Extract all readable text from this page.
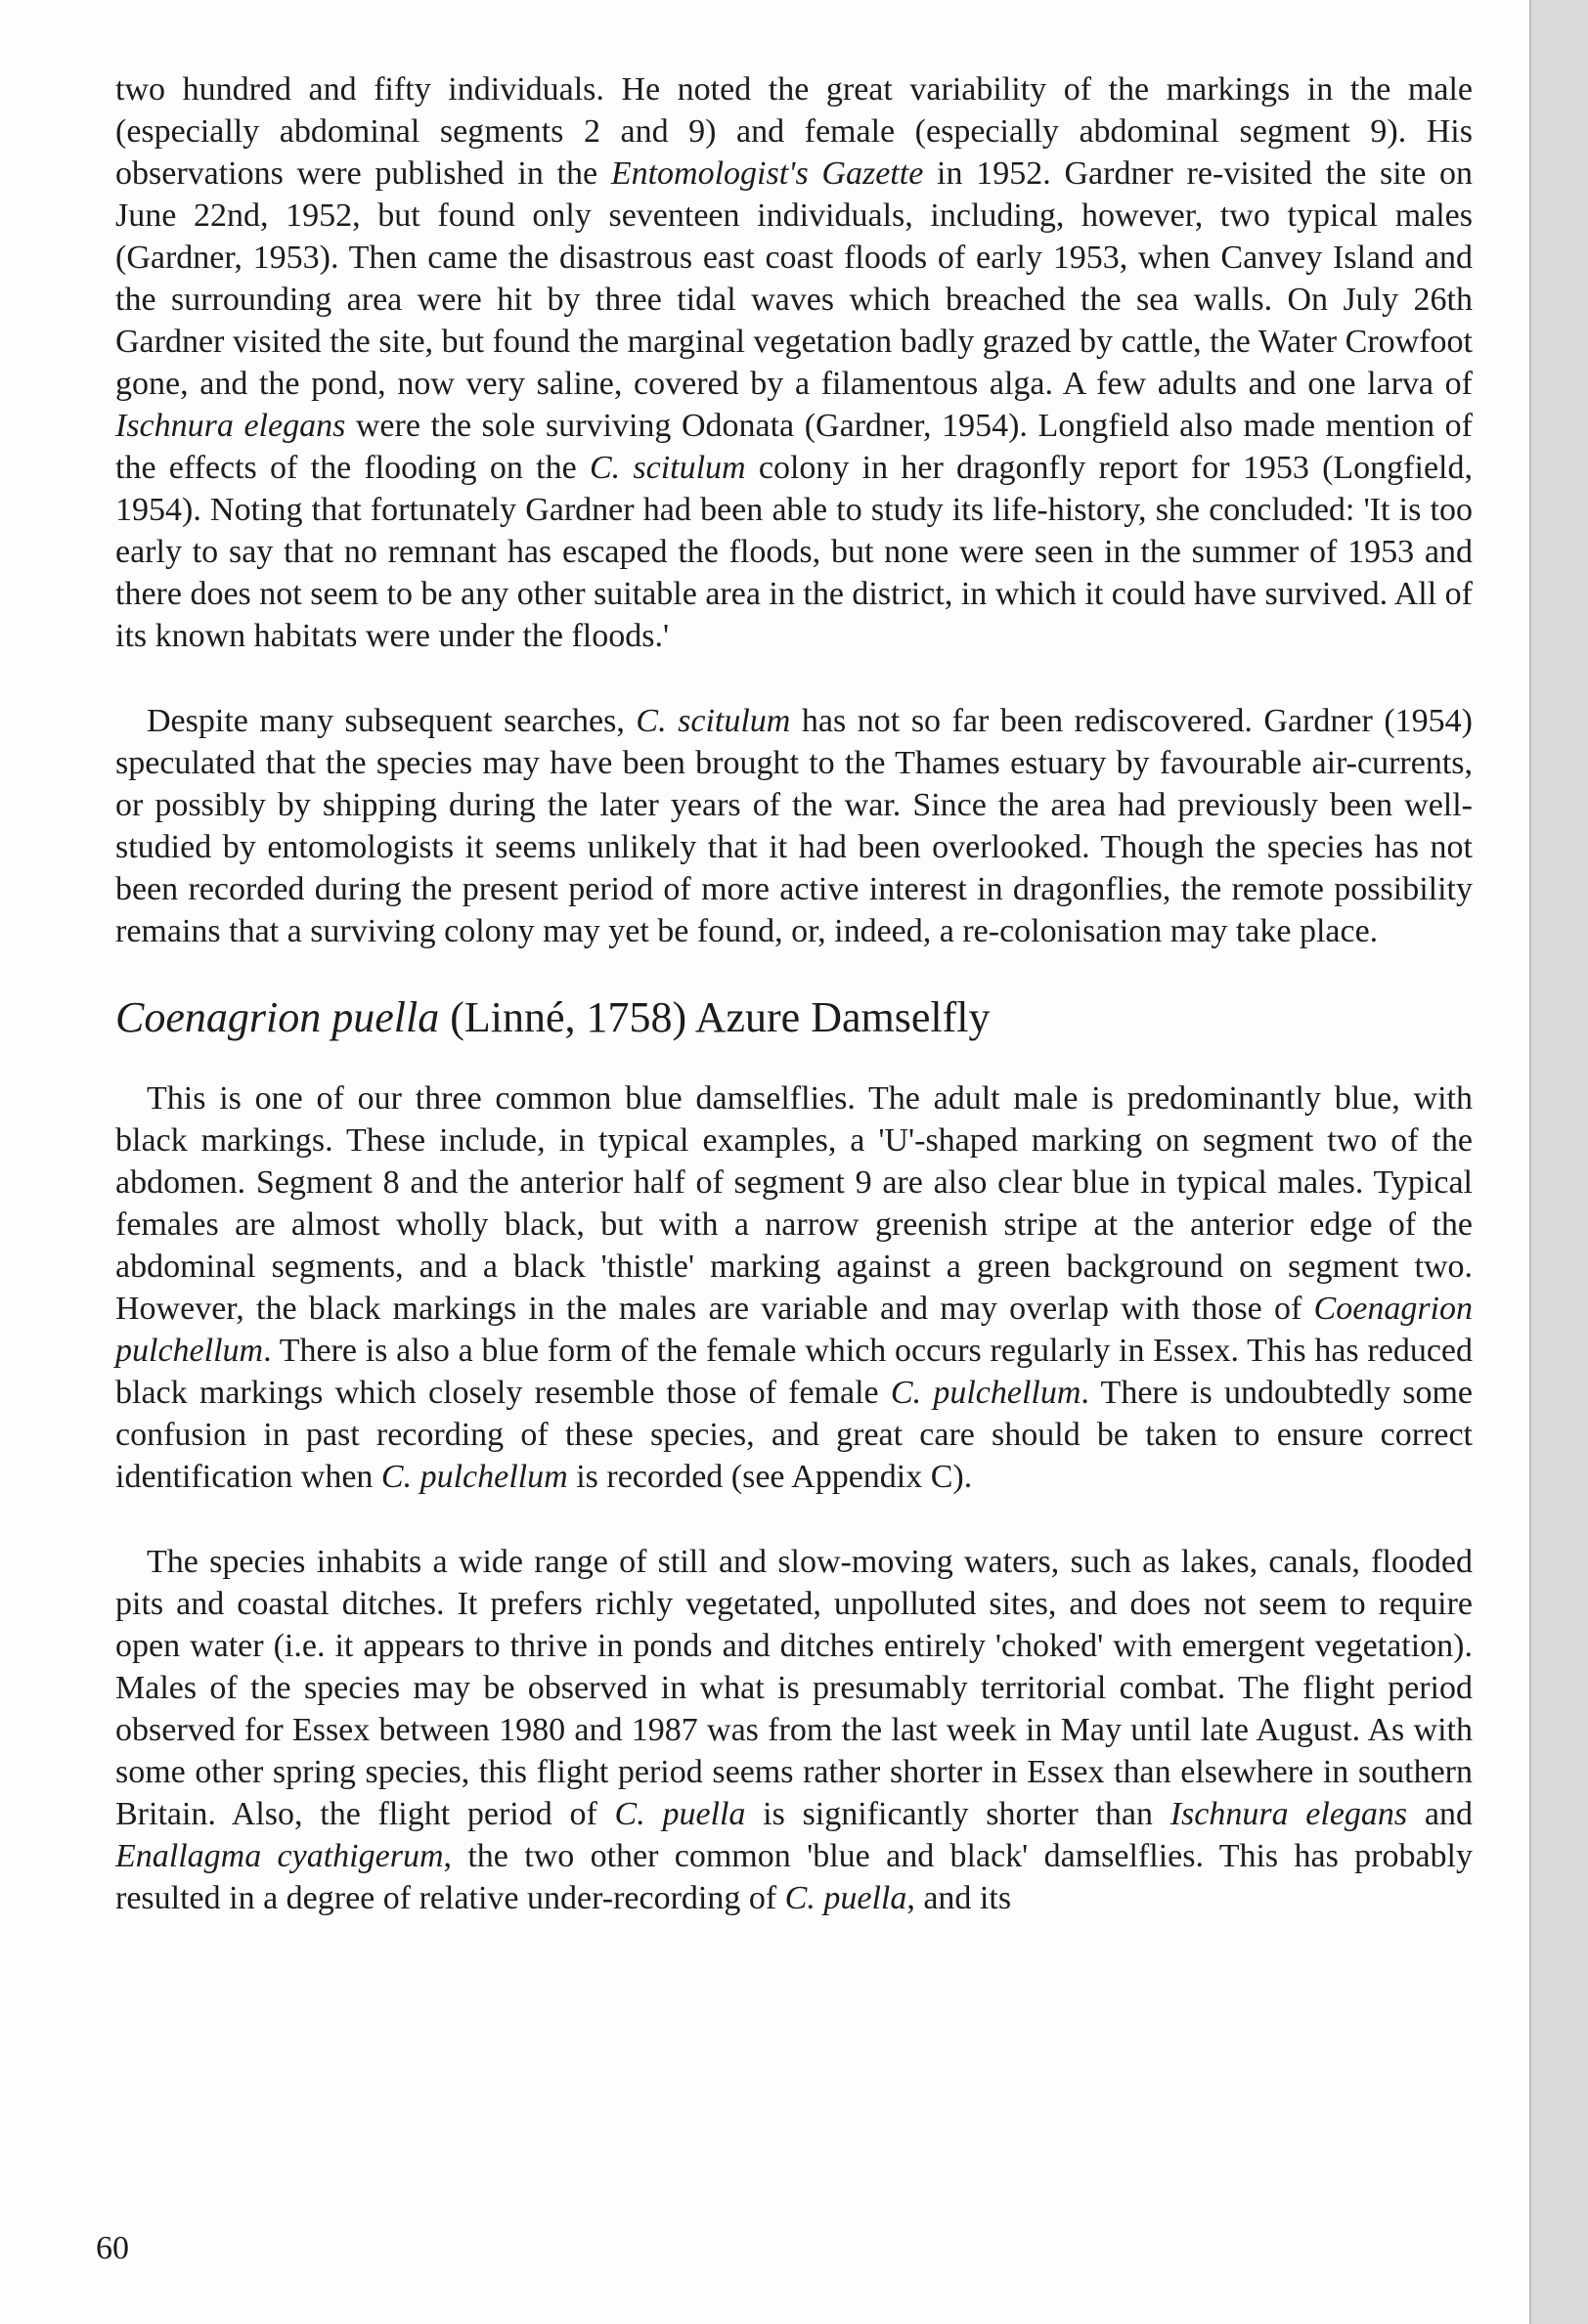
two hundred and fifty individuals. He noted the great variability of the markings in the male (especially abdominal segments 2 and 9) and female (especially abdominal segment 9). His observations were published in the Entomologist's Gazette in 1952. Gardner re-visited the site on June 22nd, 1952, but found only seventeen individuals, including, however, two typical males (Gardner, 1953). Then came the disastrous east coast floods of early 1953, when Canvey Island and the surrounding area were hit by three tidal waves which breached the sea walls. On July 26th Gardner visited the site, but found the marginal vegetation badly grazed by cattle, the Water Crowfoot gone, and the pond, now very saline, covered by a filamentous alga. A few adults and one larva of Ischnura elegans were the sole surviving Odonata (Gardner, 1954). Longfield also made mention of the effects of the flooding on the C. scitulum colony in her dragonfly report for 1953 (Longfield, 1954). Noting that fortunately Gardner had been able to study its life-history, she concluded: 'It is too early to say that no remnant has escaped the floods, but none were seen in the summer of 1953 and there does not seem to be any other suitable area in the district, in which it could have survived. All of its known habitats were under the floods.'

Despite many subsequent searches, C. scitulum has not so far been rediscovered. Gardner (1954) speculated that the species may have been brought to the Thames estuary by favourable air-currents, or possibly by shipping during the later years of the war. Since the area had previously been well-studied by entomologists it seems unlikely that it had been overlooked. Though the species has not been recorded during the present period of more active interest in dragonflies, the remote possibility remains that a surviving colony may yet be found, or, indeed, a re-colonisation may take place.

Coenagrion puella (Linné, 1758) Azure Damselfly

This is one of our three common blue damselflies. The adult male is predominantly blue, with black markings. These include, in typical examples, a 'U'-shaped marking on segment two of the abdomen. Segment 8 and the anterior half of segment 9 are also clear blue in typical males. Typical females are almost wholly black, but with a narrow greenish stripe at the anterior edge of the abdominal segments, and a black 'thistle' marking against a green background on segment two. However, the black markings in the males are variable and may overlap with those of Coenagrion pulchellum. There is also a blue form of the female which occurs regularly in Essex. This has reduced black markings which closely resemble those of female C. pulchellum. There is undoubtedly some confusion in past recording of these species, and great care should be taken to ensure correct identification when C. pulchellum is recorded (see Appendix C).

The species inhabits a wide range of still and slow-moving waters, such as lakes, canals, flooded pits and coastal ditches. It prefers richly vegetated, unpolluted sites, and does not seem to require open water (i.e. it appears to thrive in ponds and ditches entirely 'choked' with emergent vegetation). Males of the species may be observed in what is presumably territorial combat. The flight period observed for Essex between 1980 and 1987 was from the last week in May until late August. As with some other spring species, this flight period seems rather shorter in Essex than elsewhere in southern Britain. Also, the flight period of C. puella is significantly shorter than Ischnura elegans and Enallagma cyathigerum, the two other common 'blue and black' damselflies. This has probably resulted in a degree of relative under-recording of C. puella, and its

60
